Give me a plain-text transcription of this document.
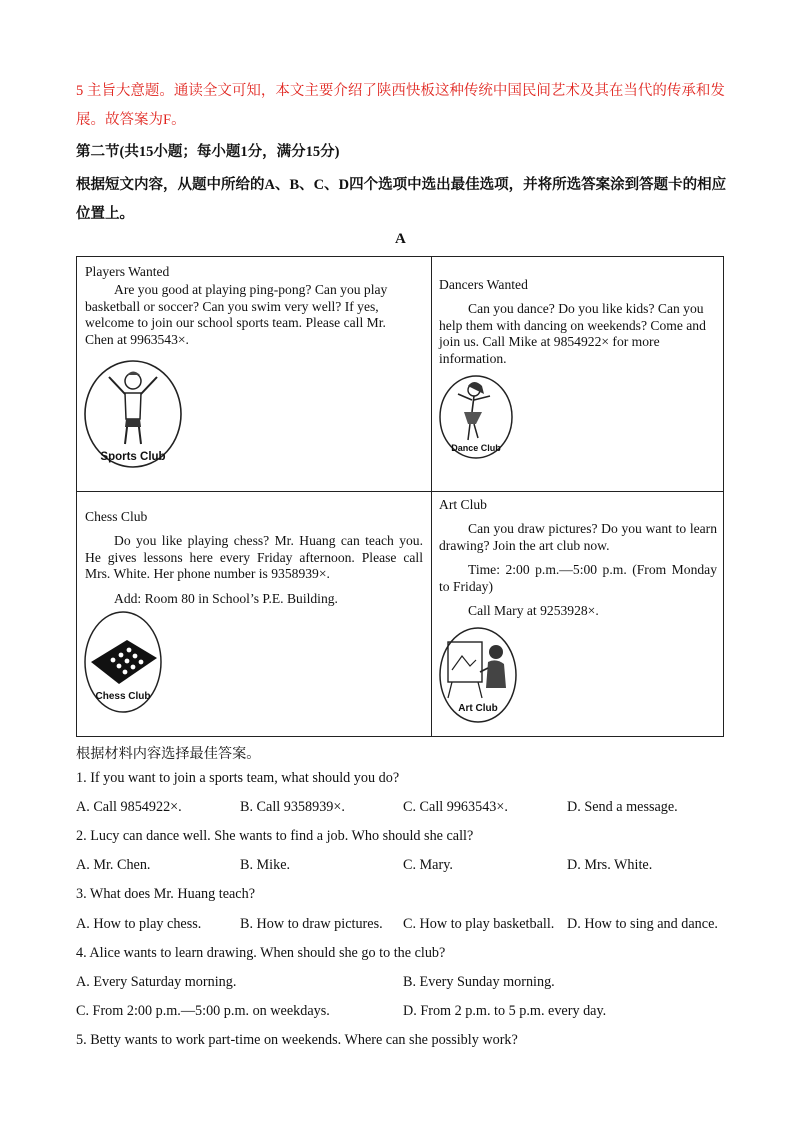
5 主旨大意题。通读全文可知，本文主要介绍了陕西快板这种传统中国民间艺术及其在当代的传承和发
展。故答案为F。
第二节(共15小题；每小题1分，满分15分)
根据短文内容，从题中所给的A、B、C、D四个选项中选出最佳选项，并将所选答案涂到答题卡的相应
位置上。
A

Players Wanted

Are you good at playing ping-pong? Can you play basketball or soccer? Can you swim very well? If yes, welcome to join our school sports team. Please call Mr. Chen at 9963543×.

Sports Club

Dancers Wanted

Can you dance? Do you like kids? Can you help them with dancing on weekends? Come and join us. Call Mike at 9854922× for more information.

Dance Club

Chess Club

Do you like playing chess? Mr. Huang can teach you. He gives lessons here every Friday afternoon. Please call Mrs. White. Her phone number is 9358939×.

Add: Room 80 in School’s P.E. Building.

Chess Club

Art Club

Can you draw pictures? Do you want to learn drawing? Join the art club now.

Time: 2:00 p.m.—5:00 p.m. (From Monday to Friday)

Call Mary at 9253928×.

Art Club
根据材料内容选择最佳答案。
1. If you want to join a sports team, what should you do?
A. Call 9854922×.	B. Call 9358939×.	C. Call 9963543×.	D. Send a message.
2. Lucy can dance well. She wants to find a job. Who should she call?
A. Mr. Chen.	B. Mike.	C. Mary.	D. Mrs. White.
3. What does Mr. Huang teach?
A. How to play chess.	B. How to draw pictures. C. How to play basketball. D. How to sing and dance.
4. Alice wants to learn drawing. When should she go to the club?
A. Every Saturday morning.	B. Every Sunday morning.
C. From 2:00 p.m.—5:00 p.m. on weekdays.	D. From 2 p.m. to 5 p.m. every day.
5. Betty wants to work part-time on weekends. Where can she possibly work?
